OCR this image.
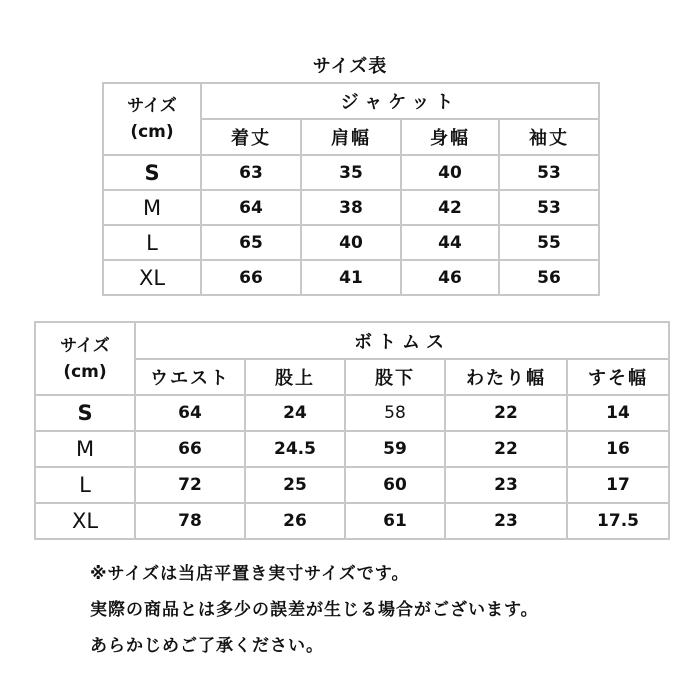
サイズ表
サイズ
(cm)	ジャケット			
	着丈	肩幅	身幅	袖丈
S	63	35	40	53
M	64	38	42	53
L	65	40	44	55
XL	66	41	46	56
サイズ
(cm)	ボトムス				
	ウエスト	股上	股下	わたり幅	すそ幅
S	64	24	58	22	14
M	66	24.5	59	22	16
L	72	25	60	23	17
XL	78	26	61	23	17.5
※サイズは当店平置き実寸サイズです。
実際の商品とは多少の誤差が生じる場合がございます。
あらかじめご了承ください。
